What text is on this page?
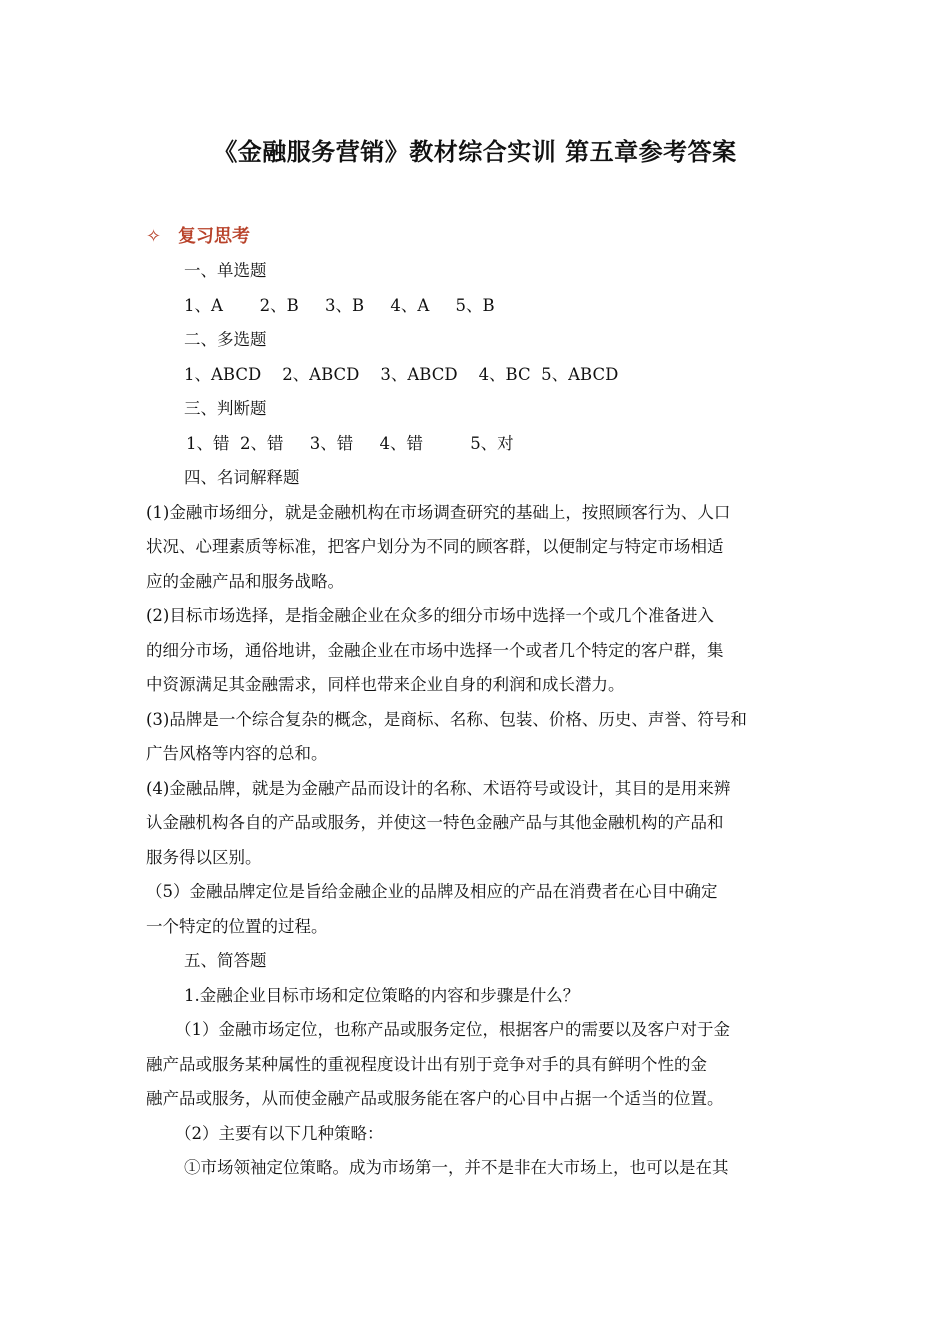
《金融服务营销》教材综合实训 第五章参考答案
✧ 复习思考
一、单选题
1、A 2、B 3、B 4、A 5、B
二、多选题
1、ABCD 2、ABCD 3、ABCD 4、BC 5、ABCD
三、判断题
1、错 2、错 3、错 4、错	5、对
四、名词解释题
(1)金融市场细分，就是金融机构在市场调查研究的基础上，按照顾客行为、人口
状况、心理素质等标准，把客户划分为不同的顾客群，以便制定与特定市场相适
应的金融产品和服务战略。
(2)目标市场选择，是指金融企业在众多的细分市场中选择一个或几个准备进入
的细分市场，通俗地讲，金融企业在市场中选择一个或者几个特定的客户群，集
中资源满足其金融需求，同样也带来企业自身的利润和成长潜力。
(3)品牌是一个综合复杂的概念，是商标、名称、包装、价格、历史、声誉、符号和
广告风格等内容的总和。
(4)金融品牌，就是为金融产品而设计的名称、术语符号或设计，其目的是用来辨
认金融机构各自的产品或服务，并使这一特色金融产品与其他金融机构的产品和
服务得以区别。
（5）金融品牌定位是旨给金融企业的品牌及相应的产品在消费者在心目中确定
一个特定的位置的过程。
五、简答题
1.金融企业目标市场和定位策略的内容和步骤是什么？
（1）金融市场定位，也称产品或服务定位，根据客户的需要以及客户对于金
融产品或服务某种属性的重视程度设计出有别于竞争对手的具有鲜明个性的金
融产品或服务，从而使金融产品或服务能在客户的心目中占据一个适当的位置。
（2）主要有以下几种策略：
①市场领袖定位策略。成为市场第一，并不是非在大市场上，也可以是在其
